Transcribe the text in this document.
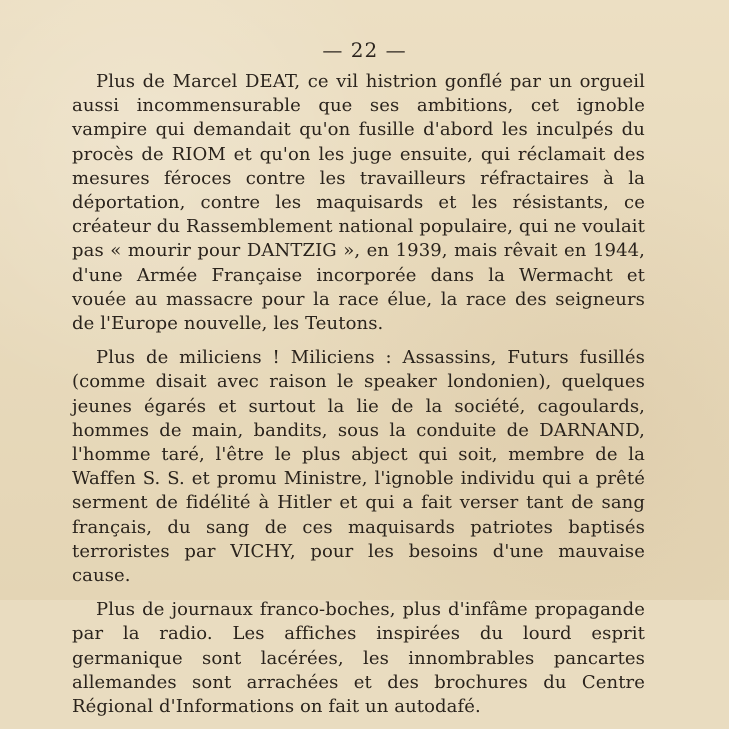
— 22 —

Plus de Marcel DEAT, ce vil histrion gonflé par un orgueil aussi incommensurable que ses ambitions, cet ignoble vampire qui demandait qu'on fusille d'abord les inculpés du procès de RIOM et qu'on les juge ensuite, qui réclamait des mesures féroces contre les travailleurs réfractaires à la déportation, contre les maquisards et les résistants, ce créateur du Rassemblement national populaire, qui ne voulait pas « mourir pour DANTZIG », en 1939, mais rêvait en 1944, d'une Armée Française incorporée dans la Wermacht et vouée au massacre pour la race élue, la race des seigneurs de l'Europe nouvelle, les Teutons.

Plus de miliciens ! Miliciens : Assassins, Futurs fusillés (comme disait avec raison le speaker londonien), quelques jeunes égarés et surtout la lie de la société, cagoulards, hommes de main, bandits, sous la conduite de DARNAND, l'homme taré, l'être le plus abject qui soit, membre de la Waffen S. S. et promu Ministre, l'ignoble individu qui a prêté serment de fidélité à Hitler et qui a fait verser tant de sang français, du sang de ces maquisards patriotes baptisés terroristes par VICHY, pour les besoins d'une mauvaise cause.

Plus de journaux franco-boches, plus d'infâme propagande par la radio. Les affiches inspirées du lourd esprit germanique sont lacérées, les innombrables pancartes allemandes sont arrachées et des brochures du Centre Régional d'Informations on fait un autodafé.
